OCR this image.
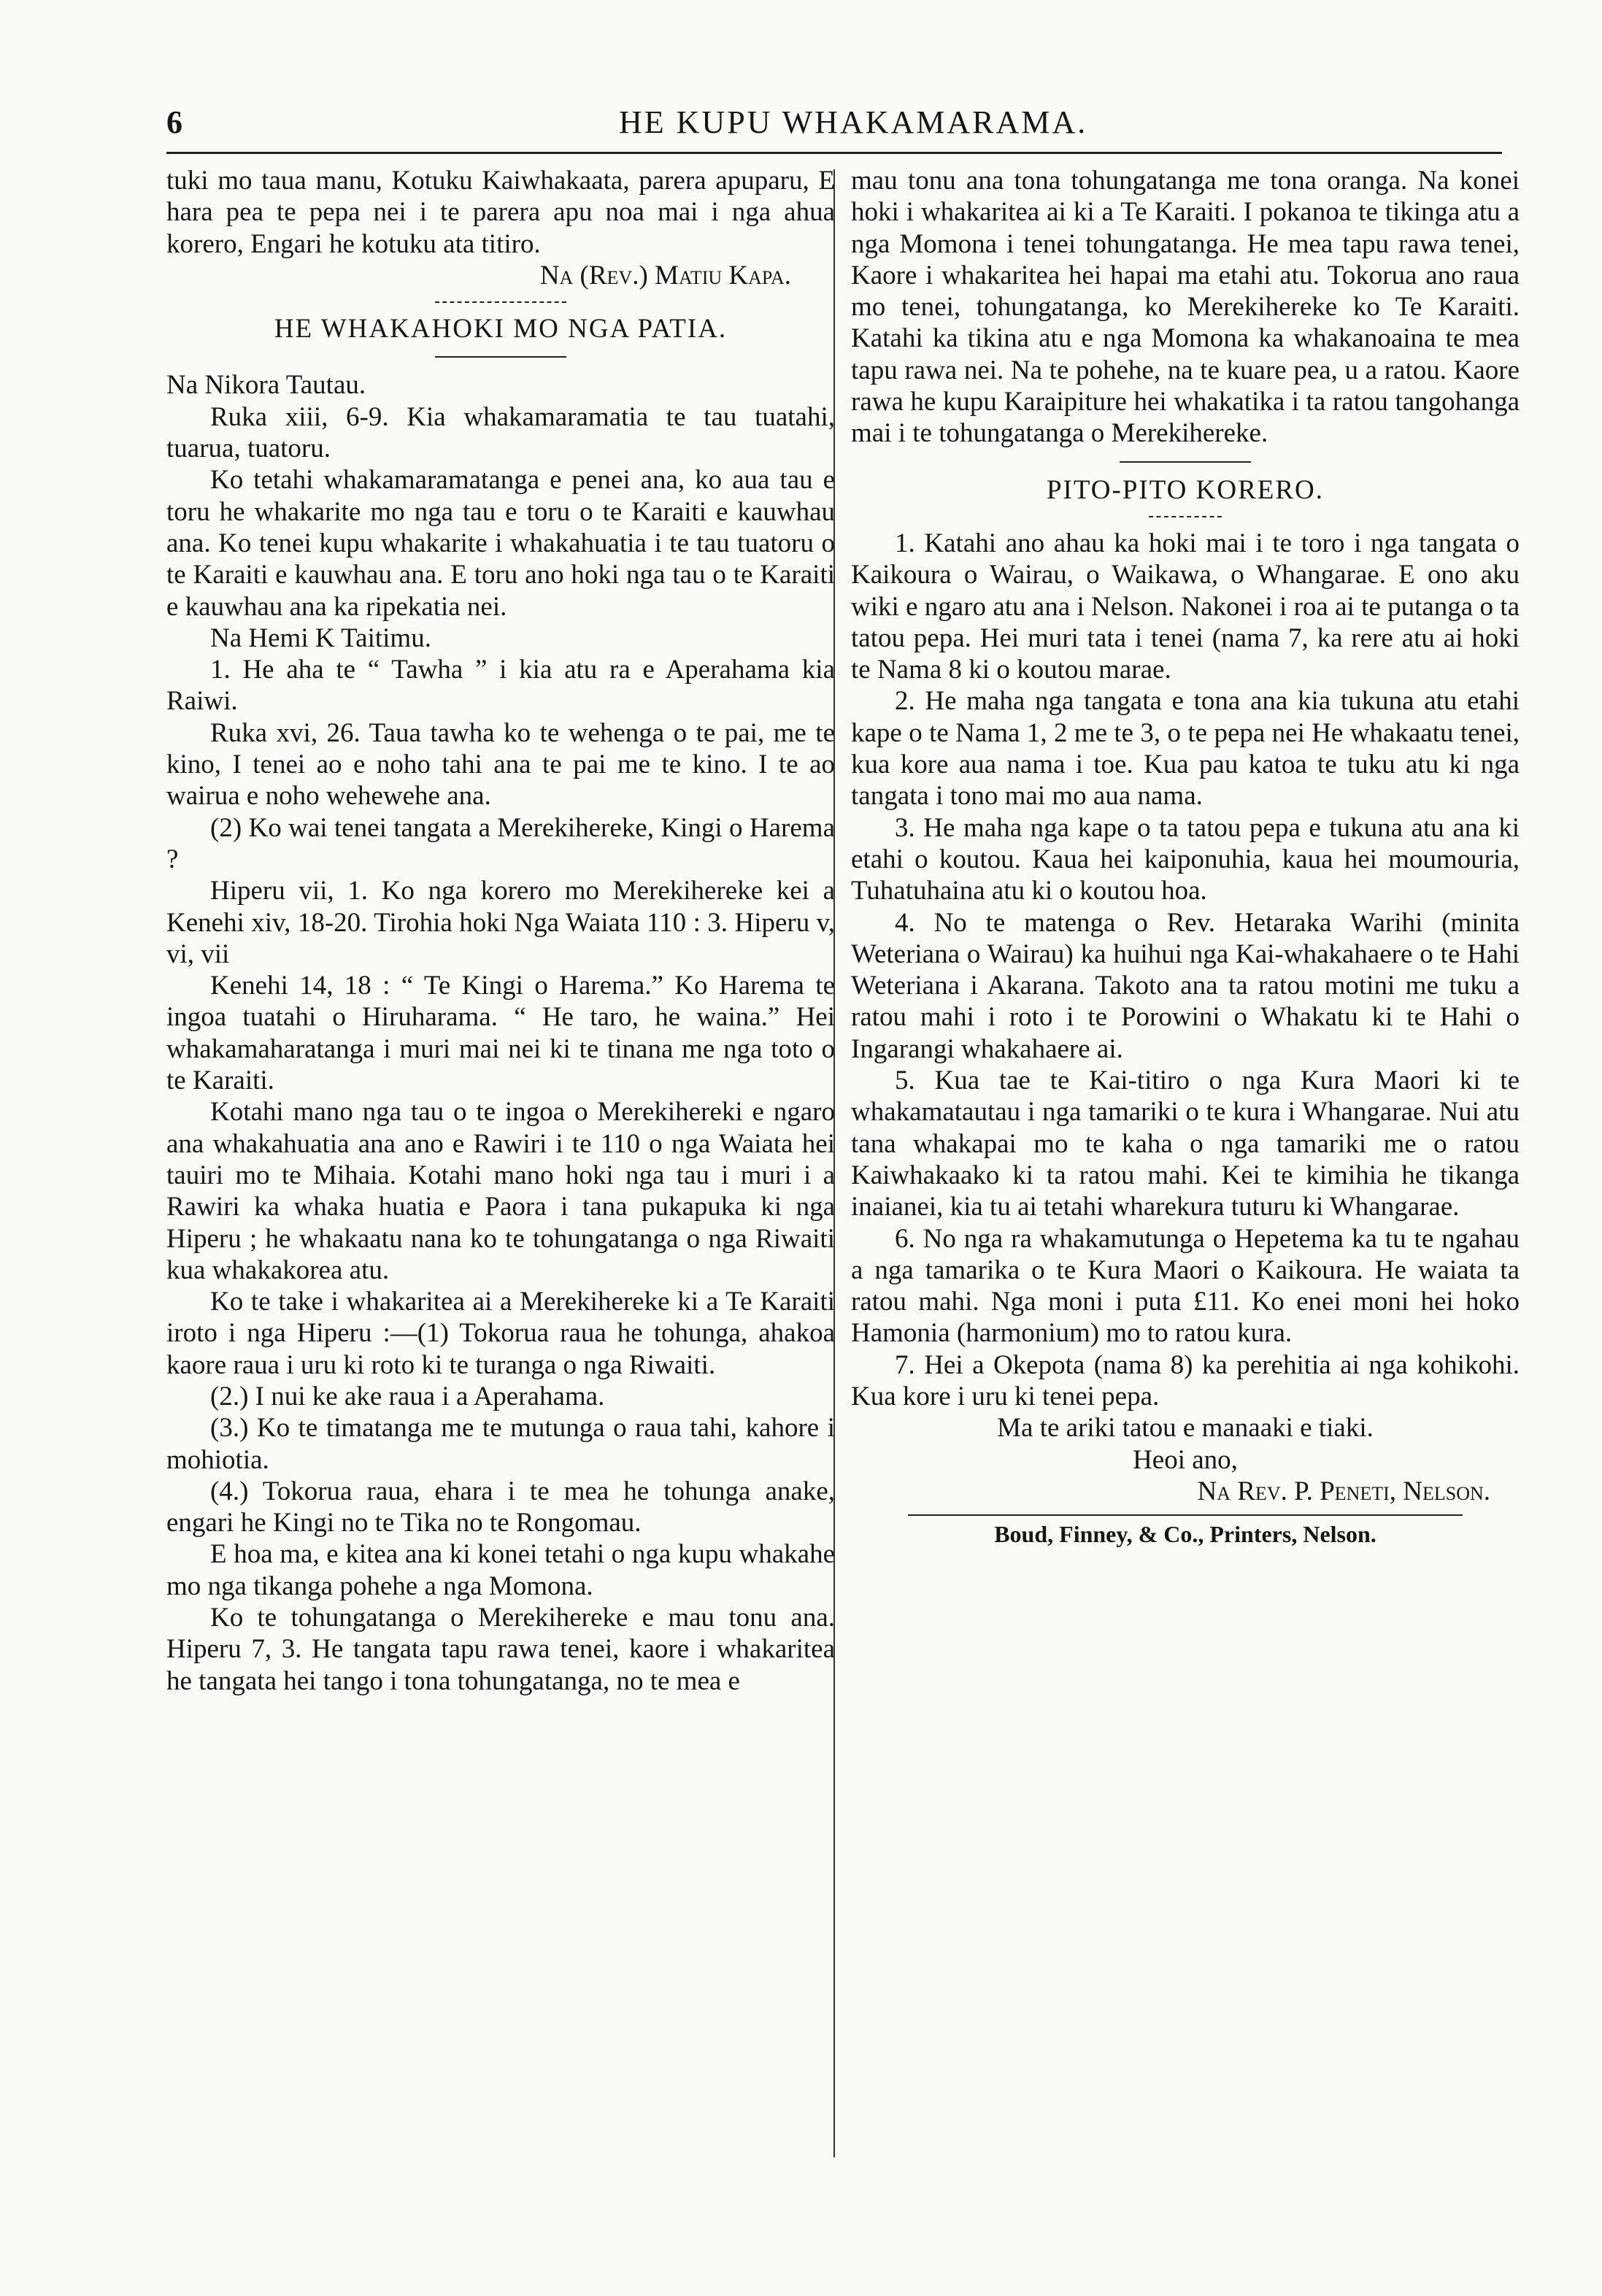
6	HE KUPU WHAKAMARAMA.

tuki mo taua manu, Kotuku Kaiwhakaata, parera apuparu, E hara pea te pepa nei i te parera apu noa mai i nga ahua korero, Engari he kotuku ata titiro.

Na (Rev.) Matiu Kapa.

HE WHAKAHOKI MO NGA PATIA.

Na Nikora Tautau.

Ruka xiii, 6-9. Kia whakamaramatia te tau tuatahi, tuarua, tuatoru.

Ko tetahi whakamaramatanga e penei ana, ko aua tau e toru he whakarite mo nga tau e toru o te Karaiti e kauwhau ana. Ko tenei kupu whakarite i whakahuatia i te tau tuatoru o te Karaiti e kauwhau ana. E toru ano hoki nga tau o te Karaiti e kauwhau ana ka ripekatia nei.

Na Hemi K Taitimu.

1. He aha te “ Tawha ” i kia atu ra e Aperahama kia Raiwi.

Ruka xvi, 26. Taua tawha ko te wehenga o te pai, me te kino, I tenei ao e noho tahi ana te pai me te kino. I te ao wairua e noho wehewehe ana.

(2) Ko wai tenei tangata a Merekihereke, Kingi o Harema ?

Hiperu vii, 1. Ko nga korero mo Merekihereke kei a Kenehi xiv, 18-20. Tirohia hoki Nga Waiata 110 : 3. Hiperu v, vi, vii

Kenehi 14, 18 : “ Te Kingi o Harema.” Ko Harema te ingoa tuatahi o Hiruharama. “ He taro, he waina.” Hei whakamaharatanga i muri mai nei ki te tinana me nga toto o te Karaiti.

Kotahi mano nga tau o te ingoa o Merekihereki e ngaro ana whakahuatia ana ano e Rawiri i te 110 o nga Waiata hei tauiri mo te Mihaia. Kotahi mano hoki nga tau i muri i a Rawiri ka whaka huatia e Paora i tana pukapuka ki nga Hiperu ; he whakaatu nana ko te tohungatanga o nga Riwaiti kua whakakorea atu.

Ko te take i whakaritea ai a Merekihereke ki a Te Karaiti iroto i nga Hiperu :—(1) Tokorua raua he tohunga, ahakoa kaore raua i uru ki roto ki te turanga o nga Riwaiti.

(2.) I nui ke ake raua i a Aperahama.

(3.) Ko te timatanga me te mutunga o raua tahi, kahore i mohiotia.

(4.) Tokorua raua, ehara i te mea he tohunga anake, engari he Kingi no te Tika no te Rongomau.

E hoa ma, e kitea ana ki konei tetahi o nga kupu whakahe mo nga tikanga pohehe a nga Momona.

Ko te tohungatanga o Merekihereke e mau tonu ana. Hiperu 7, 3. He tangata tapu rawa tenei, kaore i whakaritea he tangata hei tango i tona tohungatanga, no te mea e

mau tonu ana tona tohungatanga me tona oranga. Na konei hoki i whakaritea ai ki a Te Karaiti. I pokanoa te tikinga atu a nga Momona i tenei tohungatanga. He mea tapu rawa tenei, Kaore i whakaritea hei hapai ma etahi atu. Tokorua ano raua mo tenei, tohungatanga, ko Merekihereke ko Te Karaiti. Katahi ka tikina atu e nga Momona ka whakanoaina te mea tapu rawa nei. Na te pohehe, na te kuare pea, u a ratou. Kaore rawa he kupu Karaipiture hei whakatika i ta ratou tangohanga mai i te tohungatanga o Merekihereke.

PITO-PITO KORERO.

1. Katahi ano ahau ka hoki mai i te toro i nga tangata o Kaikoura o Wairau, o Waikawa, o Whangarae. E ono aku wiki e ngaro atu ana i Nelson. Nakonei i roa ai te putanga o ta tatou pepa. Hei muri tata i tenei (nama 7, ka rere atu ai hoki te Nama 8 ki o koutou marae.

2. He maha nga tangata e tona ana kia tukuna atu etahi kape o te Nama 1, 2 me te 3, o te pepa nei He whakaatu tenei, kua kore aua nama i toe. Kua pau katoa te tuku atu ki nga tangata i tono mai mo aua nama.

3. He maha nga kape o ta tatou pepa e tukuna atu ana ki etahi o koutou. Kaua hei kaiponuhia, kaua hei moumouria, Tuhatuhaina atu ki o koutou hoa.

4. No te matenga o Rev. Hetaraka Warihi (minita Weteriana o Wairau) ka huihui nga Kai-whakahaere o te Hahi Weteriana i Akarana. Takoto ana ta ratou motini me tuku a ratou mahi i roto i te Porowini o Whakatu ki te Hahi o Ingarangi whakahaere ai.

5. Kua tae te Kai-titiro o nga Kura Maori ki te whakamatautau i nga tamariki o te kura i Whangarae. Nui atu tana whakapai mo te kaha o nga tamariki me o ratou Kaiwhakaako ki ta ratou mahi. Kei te kimihia he tikanga inaianei, kia tu ai tetahi wharekura tuturu ki Whangarae.

6. No nga ra whakamutunga o Hepetema ka tu te ngahau a nga tamarika o te Kura Maori o Kaikoura. He waiata ta ratou mahi. Nga moni i puta £11. Ko enei moni hei hoko Hamonia (harmonium) mo to ratou kura.

7. Hei a Okepota (nama 8) ka perehitia ai nga kohikohi. Kua kore i uru ki tenei pepa.

Ma te ariki tatou e manaaki e tiaki.

Heoi ano,

Na Rev. P. Peneti, Nelson.

Boud, Finney, & Co., Printers, Nelson.
